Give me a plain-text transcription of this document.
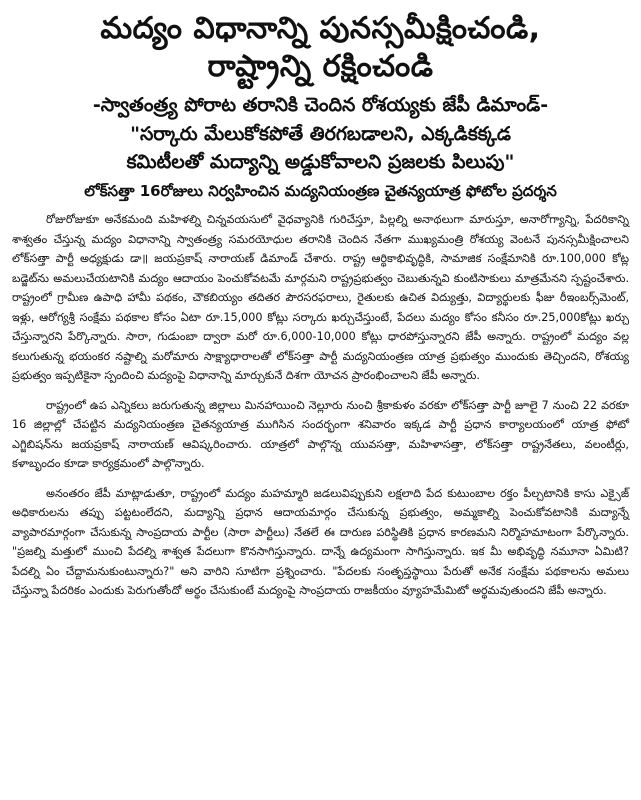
మద్యం విధానాన్ని పునస్సమీక్షించండి,
రాష్ట్రాన్ని రక్షించండి
-స్వాతంత్ర్య పోరాట తరానికి చెందిన రోశయ్యకు జేపీ డిమాండ్-
"సర్కారు మేలుకోకపోతే తిరగబడాలని, ఎక్కడికక్కడ
కమిటీలతో మద్యాన్ని అడ్డుకోవాలని ప్రజలకు పిలుపు"
లోక్‌సత్తా 16రోజులు నిర్వహించిన మద్యనియంత్రణ చైతన్యయాత్ర ఫోటోల ప్రదర్శన

రోజురోజుకూ అనేకమంది మహిళల్ని చిన్నవయసులో వైధవ్యానికి గురిచేస్తూ, పిల్లల్ని అనాథలుగా మారుస్తూ, అనారోగ్యాన్ని, పేదరికాన్ని శాశ్వతం చేస్తున్న మద్యం విధానాన్ని స్వాతంత్ర్య సమరయోధుల తరానికి చెందిన నేతగా ముఖ్యమంత్రి రోశయ్య వెంటనే పునస్సమీక్షించాలని లోక్‌సత్తా పార్టీ అధ్యక్షుడు డా॥ జయప్రకాష్ నారాయణ్ డిమాండ్ చేశారు. రాష్ట్ర ఆర్థికాభివృద్ధికి, సామాజిక సంక్షేమానికి రూ.100,000 కోట్ల బడ్జెట్‌ను అమలుచేయటానికి మద్యం ఆదాయం పెంచుకోవటమే మార్గమని రాష్ట్రప్రభుత్వం చెబుతున్నవి కుంటిసాకులు మాత్రమేనని స్పష్టంచేశారు. రాష్ట్రంలో గ్రామీణ ఉపాధి హామీ పథకం, చౌకబియ్యం తదితర పౌరసరఫరాలు, రైతులకు ఉచిత విద్యుత్తు, విద్యార్థులకు ఫీజు రీఇంబర్స్‌మెంట్, ఇళ్లు, ఆరోగ్యశ్రీ సంక్షేమ పథకాల కోసం ఏటా రూ.15,000 కోట్లు సర్కారు ఖర్చుచేస్తుంటే, పేదలు మద్యం కోసం కనీసం రూ.25,000కోట్లు ఖర్చు చేస్తున్నారని పేర్కొన్నారు. సారా, గుడుంబా ద్వారా మరో రూ.6,000-10,000 కోట్లు ధారపోస్తున్నారని జేపీ అన్నారు. రాష్ట్రంలో మద్యం వల్ల కలుగుతున్న భయంకర నష్టాల్ని మరోమారు సాక్ష్యాధారాలతో లోక్‌సత్తా పార్టీ మద్యనియంత్రణ యాత్ర ప్రభుత్వం ముందుకు తెచ్చిందని, రోశయ్య ప్రభుత్వం ఇప్పటికైనా స్పందించి మద్యంపై విధానాన్ని మార్చుకునే దిశగా యోచన ప్రారంభించాలని జేపీ అన్నారు.

రాష్ట్రంలో ఉప ఎన్నికలు జరుగుతున్న జిల్లాలు మినహాయించి నెల్లూరు నుంచి శ్రీకాకుళం వరకూ లోక్‌సత్తా పార్టీ జూలై 7 నుంచి 22 వరకూ 16 జిల్లాల్లో చేపట్టిన మద్యనియంత్రణ చైతన్యయాత్ర ముగిసిన సందర్భంగా శనివారం ఇక్కడ పార్టీ ప్రధాన కార్యాలయంలో యాత్ర ఫోటో ఎగ్జిబిషన్‌ను జయప్రకాష్ నారాయణ్ ఆవిష్కరించారు. యాత్రలో పాల్గొన్న యువసత్తా, మహిళాసత్తా, లోక్‌సత్తా రాష్ట్రనేతలు, వలంటీర్లు, కళాబృందం కూడా కార్యక్రమంలో పాల్గొన్నారు.

అనంతరం జేపీ మాట్లాడుతూ, రాష్ట్రంలో మద్యం మహమ్మారి జడలువిప్పుకుని లక్షలాది పేద కుటుంబాల రక్తం పీల్చటానికి కాసు ఎక్సైజ్ అధికారులను తప్పు పట్టటంలేదని, మద్యాన్ని ప్రధాన ఆదాయమార్గం చేసుకున్న ప్రభుత్వం, అమ్మకాల్ని పెంచుకోవటానికి మద్యాన్నే వ్యాపారమార్గంగా చేసుకున్న సాంప్రదాయ పార్టీల (సారా పార్టీలు) నేతలే ఈ దారుణ పరిస్థితికి ప్రధాన కారణమని నిర్మొహమాటంగా పేర్కొన్నారు. "ప్రజల్ని మత్తులో ముంచి పేదల్ని శాశ్వత పేదలుగా కొనసాగిస్తున్నారు. దాన్నే ఉద్యమంగా సాగిస్తున్నారు. ఇక మీ అభివృద్ధి నమూనా ఏమిటి? పేదల్ని ఏం చేద్దామనుకుంటున్నారు?" అని వారిని సూటిగా ప్రశ్నించారు. "పేదలకు సంతృప్తస్థాయి పేరుతో అనేక సంక్షేమ పథకాలను అమలు చేస్తున్నా పేదరికం ఎందుకు పెరుగుతోందో అర్థం చేసుకుంటే మద్యంపై సాంప్రదాయ రాజకీయం వ్యూహమేమిటో అర్థమవుతుందని జేపీ అన్నారు.
